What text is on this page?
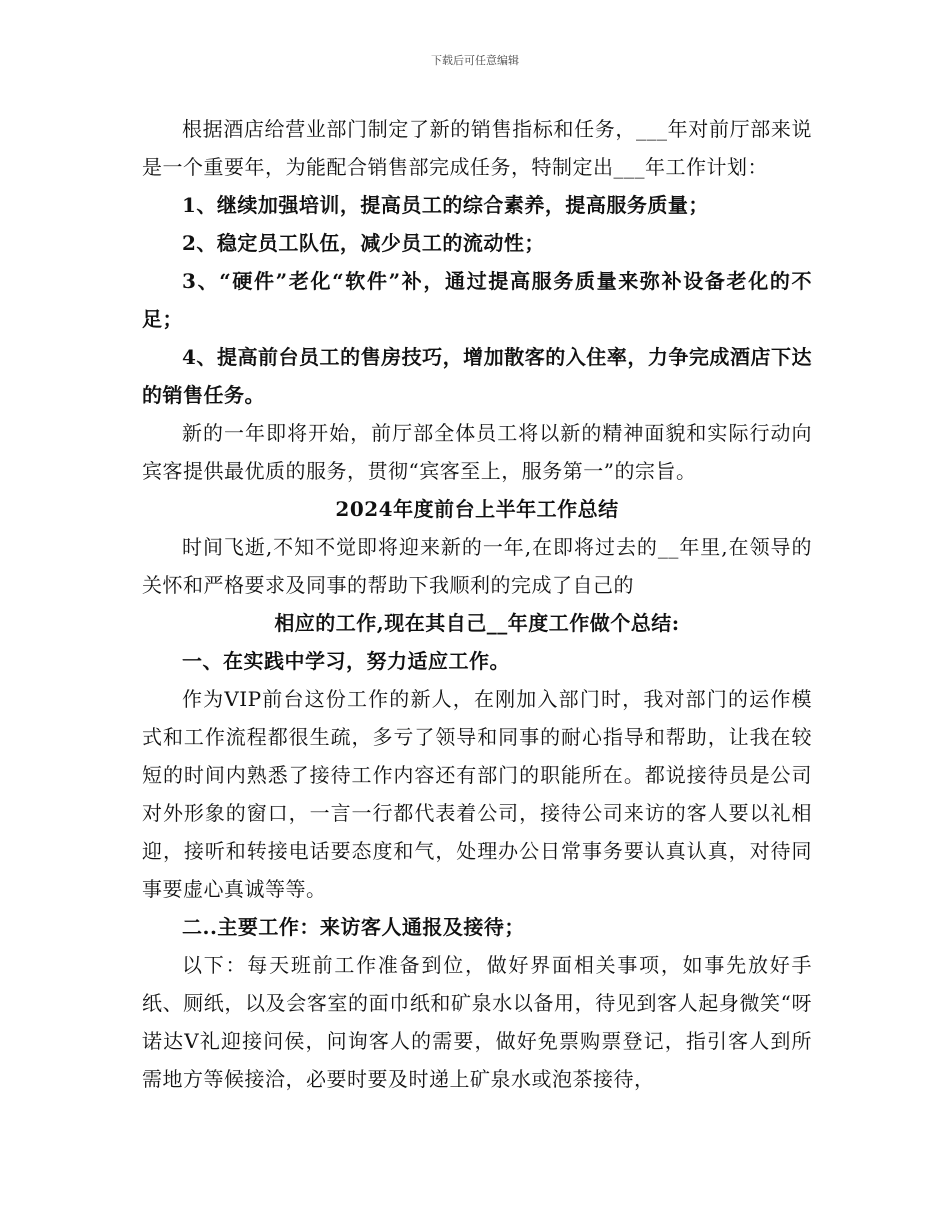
下载后可任意编辑

根据酒店给营业部门制定了新的销售指标和任务，___年对前厅部来说是一个重要年，为能配合销售部完成任务，特制定出___年工作计划：

1、继续加强培训，提高员工的综合素养，提高服务质量；

2、稳定员工队伍，减少员工的流动性；

3、“硬件”老化“软件”补，通过提高服务质量来弥补设备老化的不足；

4、提高前台员工的售房技巧，增加散客的入住率，力争完成酒店下达的销售任务。

新的一年即将开始，前厅部全体员工将以新的精神面貌和实际行动向宾客提供最优质的服务，贯彻“宾客至上，服务第一”的宗旨。

2024年度前台上半年工作总结

时间飞逝,不知不觉即将迎来新的一年,在即将过去的__年里,在领导的关怀和严格要求及同事的帮助下我顺利的完成了自己的

相应的工作,现在其自己__年度工作做个总结:

一、在实践中学习，努力适应工作。

作为VIP前台这份工作的新人，在刚加入部门时，我对部门的运作模式和工作流程都很生疏，多亏了领导和同事的耐心指导和帮助，让我在较短的时间内熟悉了接待工作内容还有部门的职能所在。都说接待员是公司对外形象的窗口，一言一行都代表着公司，接待公司来访的客人要以礼相迎，接听和转接电话要态度和气，处理办公日常事务要认真认真，对待同事要虚心真诚等等。

二..主要工作：来访客人通报及接待；

以下：每天班前工作准备到位，做好界面相关事项，如事先放好手纸、厕纸，以及会客室的面巾纸和矿泉水以备用，待见到客人起身微笑“呀诺达V礼迎接问侯，问询客人的需要，做好免票购票登记，指引客人到所需地方等候接洽，必要时要及时递上矿泉水或泡茶接待，
